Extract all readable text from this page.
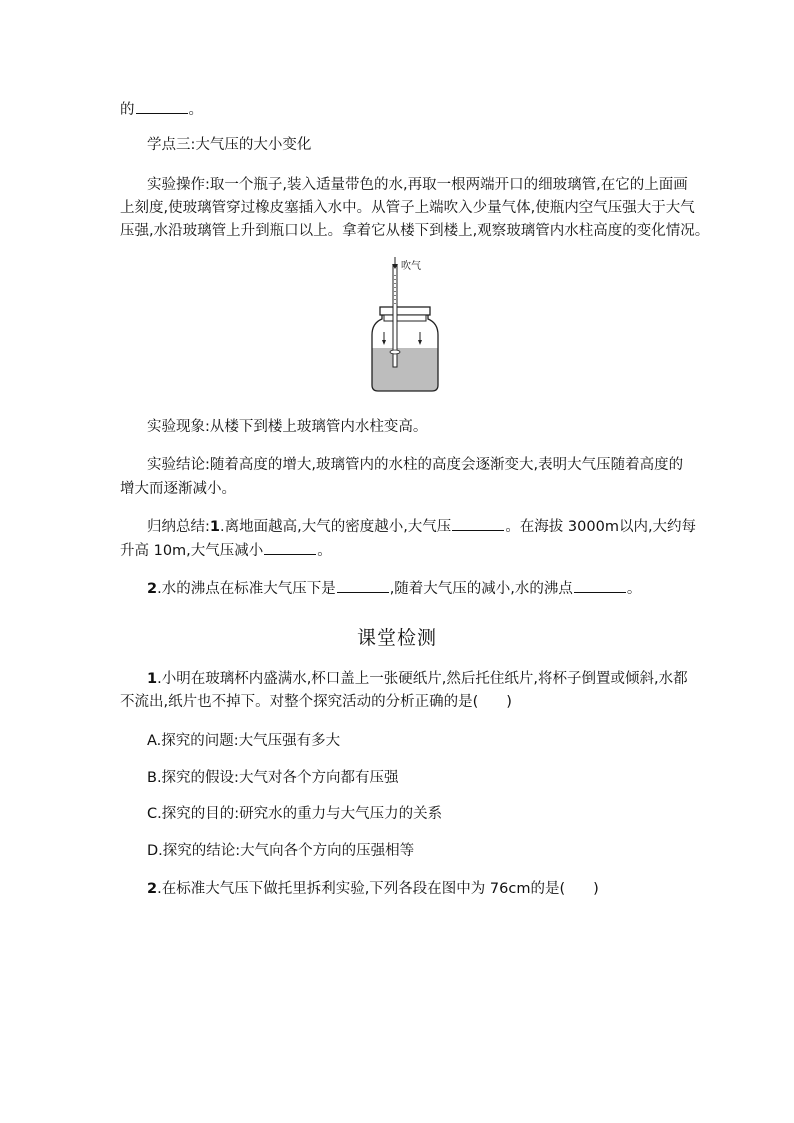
的	。
学点三:大气压的大小变化
实验操作:取一个瓶子,装入适量带色的水,再取一根两端开口的细玻璃管,在它的上面画
上刻度,使玻璃管穿过橡皮塞插入水中。从管子上端吹入少量气体,使瓶内空气压强大于大气
压强,水沿玻璃管上升到瓶口以上。拿着它从楼下到楼上,观察玻璃管内水柱高度的变化情况。
吹气
实验现象:从楼下到楼上玻璃管内水柱变高。
实验结论:随着高度的增大,玻璃管内的水柱的高度会逐渐变大,表明大气压随着高度的
增大而逐渐减小。
归纳总结:1.离地面越高,大气的密度越小,大气压	。在海拔 3000m以内,大约每
升高 10m,大气压减小	。
2.水的沸点在标准大气压下是	,随着大气压的减小,水的沸点	。
课堂检测
1.小明在玻璃杯内盛满水,杯口盖上一张硬纸片,然后托住纸片,将杯子倒置或倾斜,水都
不流出,纸片也不掉下。对整个探究活动的分析正确的是( )
A.探究的问题:大气压强有多大
B.探究的假设:大气对各个方向都有压强
C.探究的目的:研究水的重力与大气压力的关系
D.探究的结论:大气向各个方向的压强相等
2.在标准大气压下做托里拆利实验,下列各段在图中为 76cm的是( )
